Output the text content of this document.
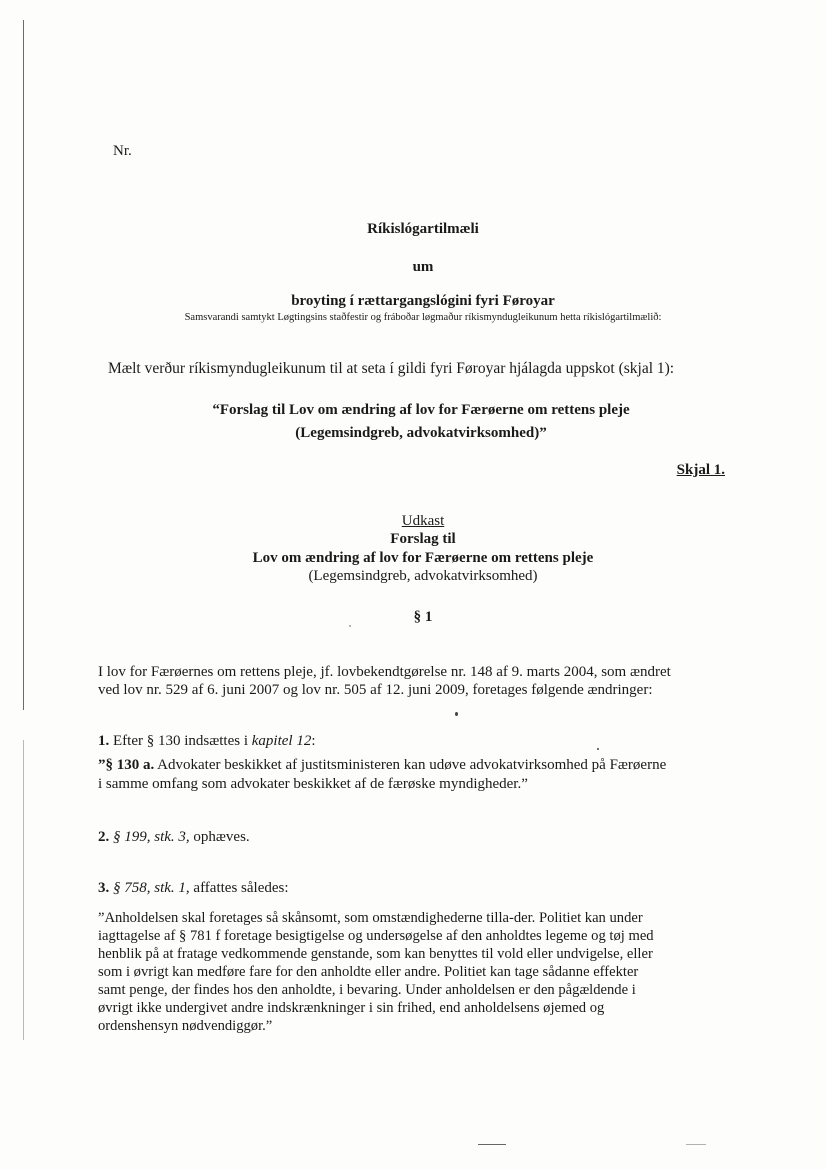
Nr.
Ríkislógartilmæli
um
broyting í rættargangslógini fyri Føroyar
Samsvarandi samtykt Løgtingsins staðfestir og fráboðar løgmaður ríkismyndugleikunum hetta ríkislógartilmælið:
Mælt verður ríkismyndugleikunum til at seta í gildi fyri Føroyar hjálagda uppskot (skjal 1):
“Forslag til Lov om ændring af lov for Færøerne om rettens pleje
(Legemsindgreb, advokatvirksomhed)”
Skjal 1.
Udkast
Forslag til
Lov om ændring af lov for Færøerne om rettens pleje
(Legemsindgreb, advokatvirksomhed)
§ 1
I lov for Færøernes om rettens pleje, jf. lovbekendtgørelse nr. 148 af 9. marts 2004, som ændret
ved lov nr. 529 af 6. juni 2007 og lov nr. 505 af 12. juni 2009, foretages følgende ændringer:
1. Efter § 130 indsættes i kapitel 12:
”§ 130 a. Advokater beskikket af justitsministeren kan udøve advokatvirksomhed på Færøerne
i samme omfang som advokater beskikket af de færøske myndigheder.”
2. § 199, stk. 3, ophæves.
3. § 758, stk. 1, affattes således:
”Anholdelsen skal foretages så skånsomt, som omstændighederne tilla-der. Politiet kan under
iagttagelse af § 781 f foretage besigtigelse og undersøgelse af den anholdtes legeme og tøj med
henblik på at fratage vedkommende genstande, som kan benyttes til vold eller undvigelse, eller
som i øvrigt kan medføre fare for den anholdte eller andre. Politiet kan tage sådanne effekter
samt penge, der findes hos den anholdte, i bevaring. Under anholdelsen er den pågældende i
øvrigt ikke undergivet andre indskrænkninger i sin frihed, end anholdelsens øjemed og
ordenshensyn nødvendiggør.”
